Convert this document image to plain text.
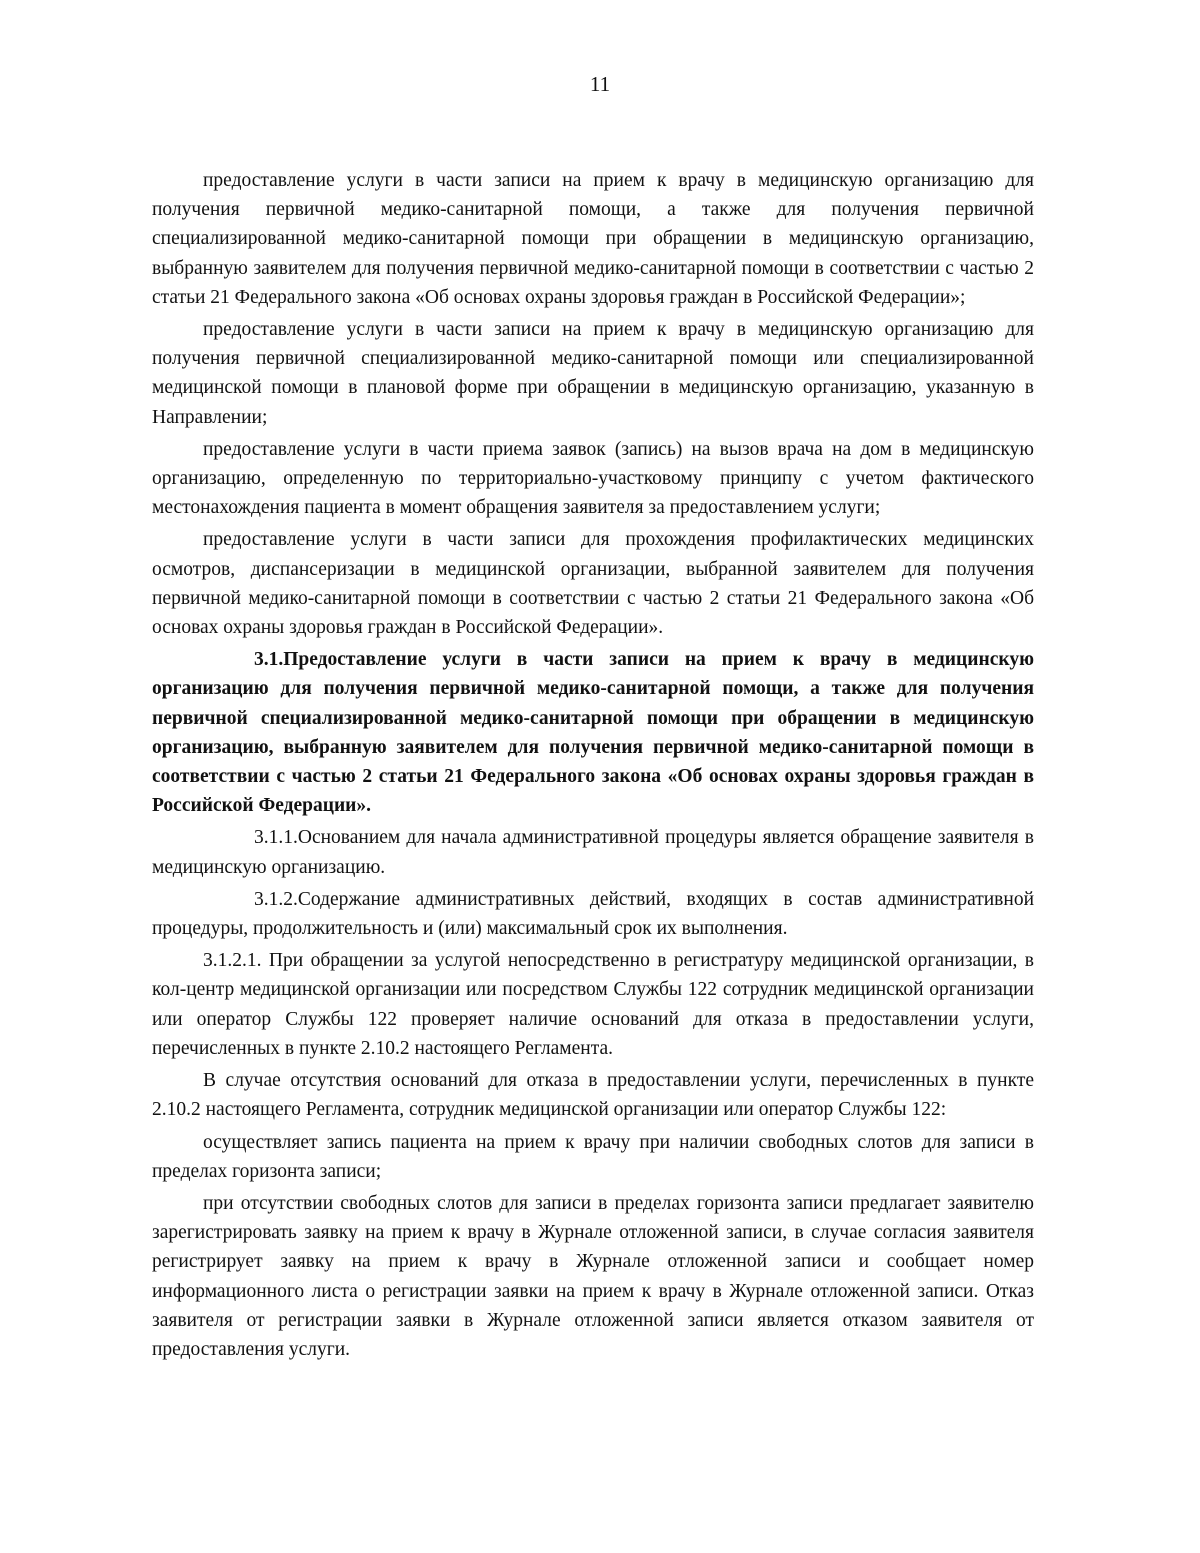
11

предоставление услуги в части записи на прием к врачу в медицинскую организацию для получения первичной медико-санитарной помощи, а также для получения первичной специализированной медико-санитарной помощи при обращении в медицинскую организацию, выбранную заявителем для получения первичной медико-санитарной помощи в соответствии с частью 2 статьи 21 Федерального закона «Об основах охраны здоровья граждан в Российской Федерации»;

предоставление услуги в части записи на прием к врачу в медицинскую организацию для получения первичной специализированной медико-санитарной помощи или специализированной медицинской помощи в плановой форме при обращении в медицинскую организацию, указанную в Направлении;

предоставление услуги в части приема заявок (запись) на вызов врача на дом в медицинскую организацию, определенную по территориально-участковому принципу с учетом фактического местонахождения пациента в момент обращения заявителя за предоставлением услуги;

предоставление услуги в части записи для прохождения профилактических медицинских осмотров, диспансеризации в медицинской организации, выбранной заявителем для получения первичной медико-санитарной помощи в соответствии с частью 2 статьи 21 Федерального закона «Об основах охраны здоровья граждан в Российской Федерации».

3.1.Предоставление услуги в части записи на прием к врачу в медицинскую организацию для получения первичной медико-санитарной помощи, а также для получения первичной специализированной медико-санитарной помощи при обращении в медицинскую организацию, выбранную заявителем для получения первичной медико-санитарной помощи в соответствии с частью 2 статьи 21 Федерального закона «Об основах охраны здоровья граждан в Российской Федерации».

3.1.1.Основанием для начала административной процедуры является обращение заявителя в медицинскую организацию.

3.1.2.Содержание административных действий, входящих в состав административной процедуры, продолжительность и (или) максимальный срок их выполнения.

3.1.2.1. При обращении за услугой непосредственно в регистратуру медицинской организации, в кол-центр медицинской организации или посредством Службы 122 сотрудник медицинской организации или оператор Службы 122 проверяет наличие оснований для отказа в предоставлении услуги, перечисленных в пункте 2.10.2 настоящего Регламента.

В случае отсутствия оснований для отказа в предоставлении услуги, перечисленных в пункте 2.10.2 настоящего Регламента, сотрудник медицинской организации или оператор Службы 122:

осуществляет запись пациента на прием к врачу при наличии свободных слотов для записи в пределах горизонта записи;

при отсутствии свободных слотов для записи в пределах горизонта записи предлагает заявителю зарегистрировать заявку на прием к врачу в Журнале отложенной записи, в случае согласия заявителя регистрирует заявку на прием к врачу в Журнале отложенной записи и сообщает номер информационного листа о регистрации заявки на прием к врачу в Журнале отложенной записи. Отказ заявителя от регистрации заявки в Журнале отложенной записи является отказом заявителя от предоставления услуги.
